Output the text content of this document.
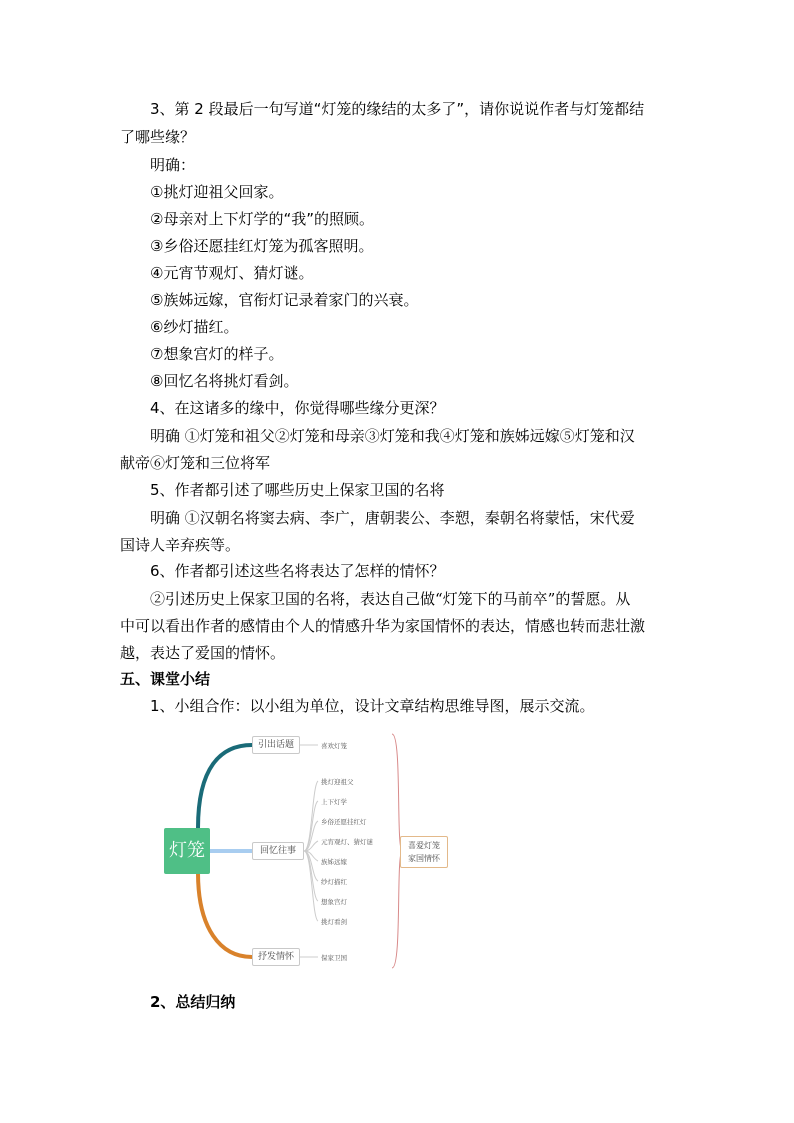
3、第 2 段最后一句写道“灯笼的缘结的太多了”，请你说说作者与灯笼都结
了哪些缘？
明确：
①挑灯迎祖父回家。
②母亲对上下灯学的“我”的照顾。
③乡俗还愿挂红灯笼为孤客照明。
④元宵节观灯、猜灯谜。
⑤族姊远嫁，官衔灯记录着家门的兴衰。
⑥纱灯描红。
⑦想象宫灯的样子。
⑧回忆名将挑灯看剑。
4、在这诸多的缘中，你觉得哪些缘分更深？
明确 ①灯笼和祖父②灯笼和母亲③灯笼和我④灯笼和族姊远嫁⑤灯笼和汉
献帝⑥灯笼和三位将军
5、作者都引述了哪些历史上保家卫国的名将
明确 ①汉朝名将窦去病、李广，唐朝裴公、李愬，秦朝名将蒙恬，宋代爱
国诗人辛弃疾等。
6、作者都引述这些名将表达了怎样的情怀？
②引述历史上保家卫国的名将，表达自己做“灯笼下的马前卒”的誓愿。从
中可以看出作者的感情由个人的情感升华为家国情怀的表达，情感也转而悲壮激
越，表达了爱国的情怀。
五、课堂小结
1、小组合作：以小组为单位，设计文章结构思维导图，展示交流。
2、总结归纳
灯笼
引出话题
回忆往事
抒发情怀
喜欢灯笼
挑灯迎祖父
上下灯学
乡俗还愿挂红灯
元宵观灯、猜灯谜
族姊远嫁
纱灯描红
想象宫灯
挑灯看剑
保家卫国
喜爱灯笼
家国情怀
